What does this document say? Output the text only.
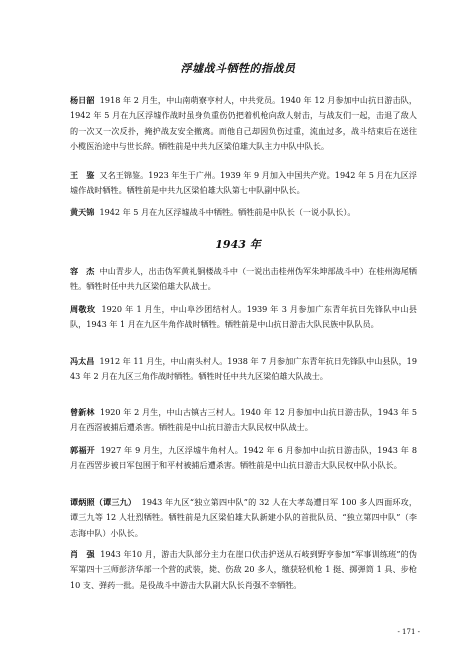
浮墟战斗牺牲的指战员
杨日韶 1918 年 2 月生，中山南萌寮亨村人，中共党员。1940 年 12 月参加中山抗日游击队，1942 年 5 月在九区浮墟作战时虽身负重伤仍把着机枪向敌人射击，与战友们一起，击退了敌人的一次又一次反扑，掩护战友安全撤离。而他自己却因负伤过重，流血过多，战斗结束后在送往小榄医治途中与世长辞。牺牲前是中共九区梁伯雄大队主力中队中队长。
王　鉴 又名王锦鉴。1923 年生于广州。1939 年 9 月加入中国共产党。1942 年 5 月在九区浮墟作战时牺牲。牺牲前是中共九区梁伯雄大队第七中队副中队长。
黄天锦 1942 年 5 月在九区浮墟战斗中牺牲。牺牲前是中队长（一说小队长）。
1943 年
容　杰 中山青步人，出击伪军黄礼铜楼战斗中（一说出击桂州伪军朱坤部战斗中）在桂州海尾牺牲。牺牲时任中共九区梁伯雄大队战士。
周敬玫 1920 年 1 月生，中山阜沙团结村人。1939 年 3 月参加广东青年抗日先锋队中山县队，1943 年 1 月在九区牛角作战时牺牲。牺牲前是中山抗日游击大队民族中队队员。
冯太昌 1912 年 11 月生，中山南头村人。1938 年 7 月参加广东青年抗日先锋队中山县队，1943 年 2 月在九区三角作战时牺牲。牺牲时任中共九区梁伯雄大队战士。
曾新林 1920 年 2 月生，中山古镇古三村人。1940 年 12 月参加中山抗日游击队，1943 年 5 月在西滘被捕后遭杀害。牺牲前是中山抗日游击大队民权中队战士。
郭福开 1927 年 9 月生，九区浮墟牛角村人。1942 年 6 月参加中山抗日游击队，1943 年 8 月在西罟步被日军包围于和平村被捕后遭杀害。牺牲前是中山抗日游击大队民权中队小队长。
谭炳照（谭三九） 1943 年九区“独立第四中队”的 32 人在大孝岛遭日军 100 多人四面环攻，谭三九等 12 人壮烈牺牲。牺牲前是九区梁伯雄大队新建小队的首批队员、“独立第四中队”（李志海中队）小队长。
肖　强 1943 年10 月，游击大队部分主力在崖口伏击护送从石岐到野亨参加“军事训练班”的伪军第四十三师彭济华部一个营的武装，毙、伤敌 20 多人，缴获轻机枪 1 挺、掷弹筒 1 具、步枪 10 支、弹药一批。是役战斗中游击大队副大队长肖强不幸牺牲。
- 171 -
